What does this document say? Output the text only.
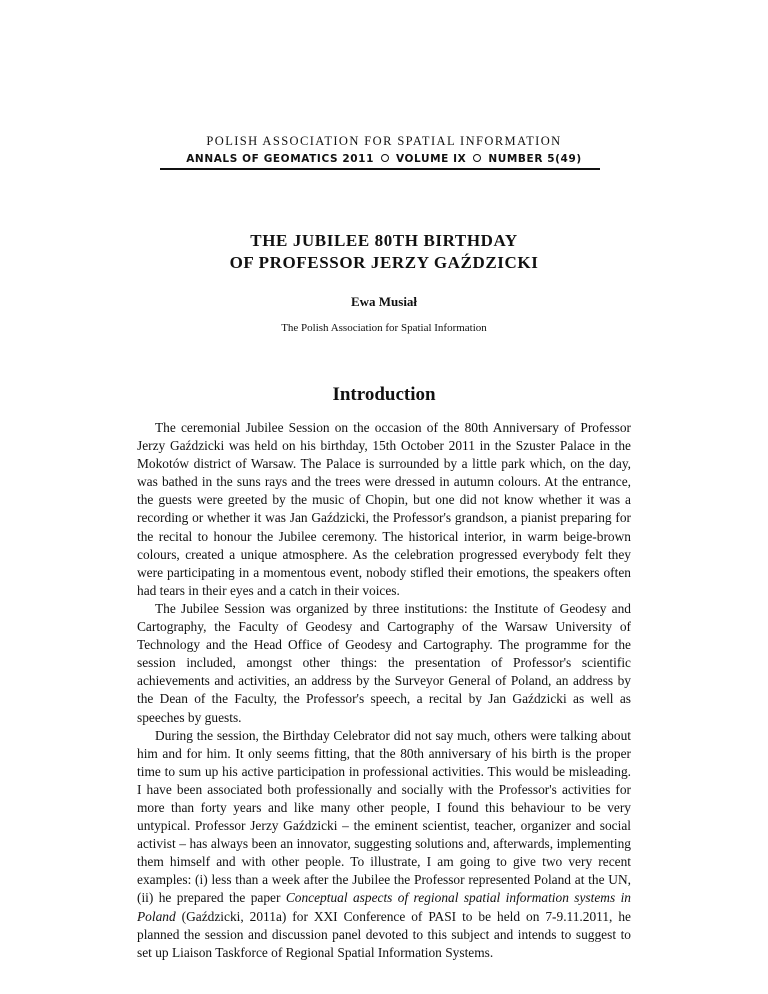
POLISH ASSOCIATION FOR SPATIAL INFORMATION
ANNALS OF GEOMATICS 2011 VOLUME IX NUMBER 5(49)
THE JUBILEE 80TH BIRTHDAY
OF PROFESSOR JERZY GAŹDZICKI
Ewa Musiał
The Polish Association for Spatial Information
Introduction

The ceremonial Jubilee Session on the occasion of the 80th Anniversary of Professor Jerzy Gaździcki was held on his birthday, 15th October 2011 in the Szuster Palace in the Mokotów district of Warsaw. The Palace is surrounded by a little park which, on the day, was bathed in the suns rays and the trees were dressed in autumn colours. At the entrance, the guests were greeted by the music of Chopin, but one did not know whether it was a recording or whether it was Jan Gaździcki, the Professor's grandson, a pianist preparing for the recital to honour the Jubilee ceremony. The historical interior, in warm beige-brown colours, created a unique atmosphere. As the celebration progressed everybody felt they were participating in a momentous event, nobody stifled their emotions, the speakers often had tears in their eyes and a catch in their voices.

The Jubilee Session was organized by three institutions: the Institute of Geodesy and Cartography, the Faculty of Geodesy and Cartography of the Warsaw University of Technology and the Head Office of Geodesy and Cartography. The programme for the session included, amongst other things: the presentation of Professor's scientific achievements and activities, an address by the Surveyor General of Poland, an address by the Dean of the Faculty, the Professor's speech, a recital by Jan Gaździcki as well as speeches by guests.

During the session, the Birthday Celebrator did not say much, others were talking about him and for him. It only seems fitting, that the 80th anniversary of his birth is the proper time to sum up his active participation in professional activities. This would be misleading. I have been associated both professionally and socially with the Professor's activities for more than forty years and like many other people, I found this behaviour to be very untypical. Professor Jerzy Gaździcki – the eminent scientist, teacher, organizer and social activist – has always been an innovator, suggesting solutions and, afterwards, implementing them himself and with other people. To illustrate, I am going to give two very recent examples: (i) less than a week after the Jubilee the Professor represented Poland at the UN, (ii) he prepared the paper Conceptual aspects of regional spatial information systems in Poland (Gaździcki, 2011a) for XXI Conference of PASI to be held on 7-9.11.2011, he planned the session and discussion panel devoted to this subject and intends to suggest to set up Liaison Taskforce of Regional Spatial Information Systems.
